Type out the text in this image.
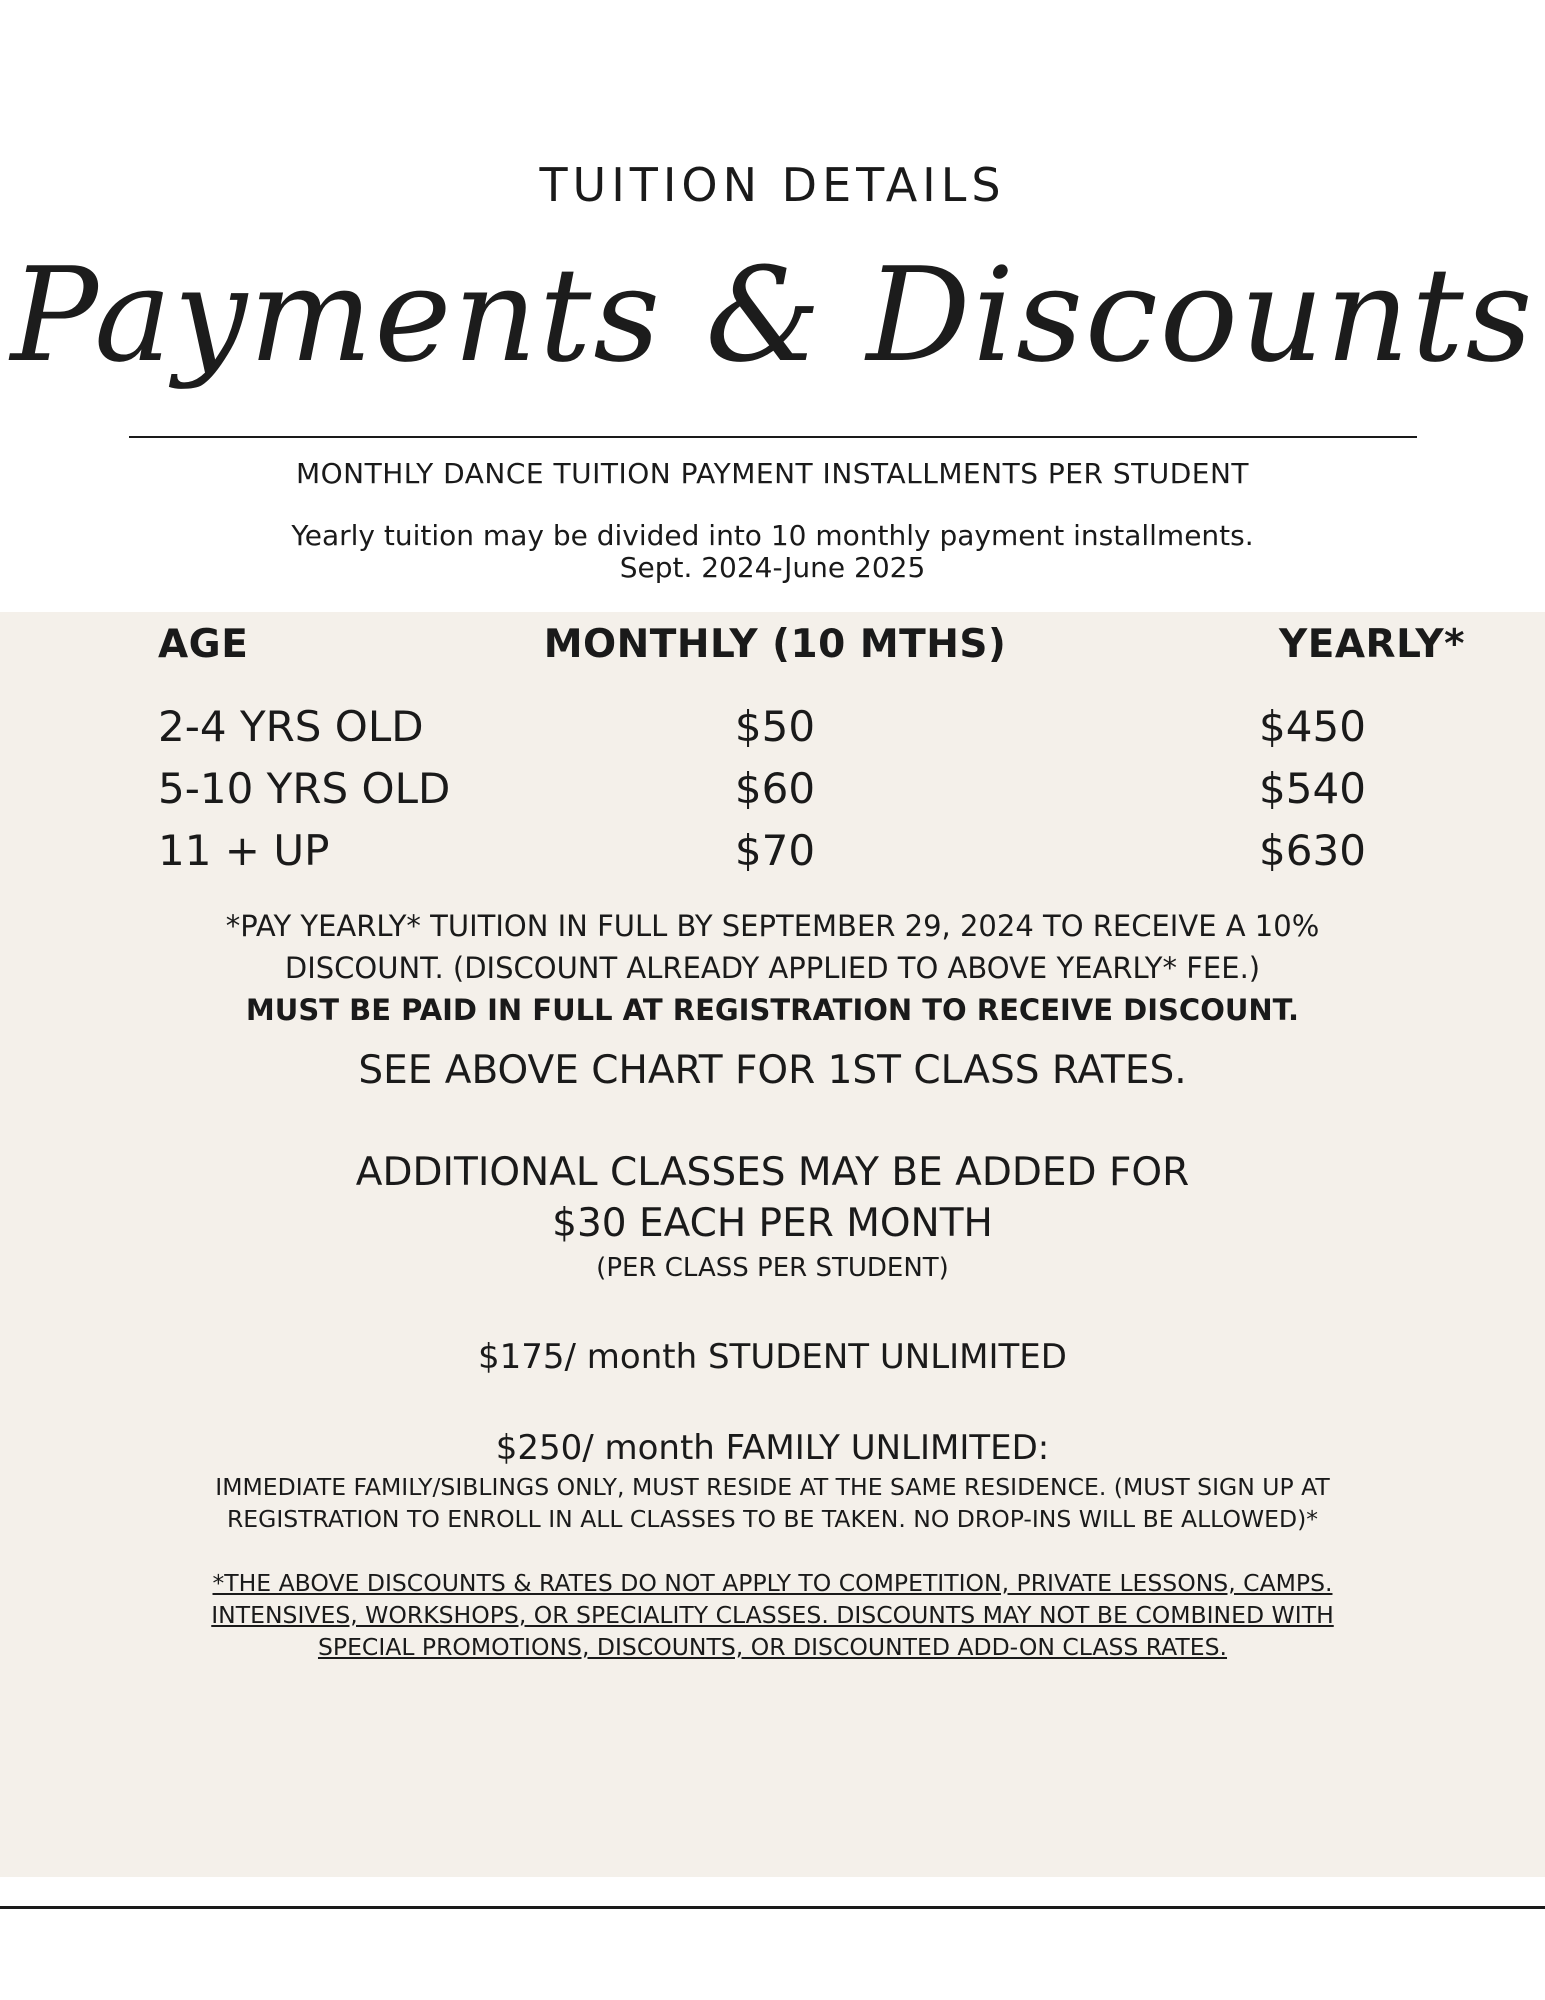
TUITION DETAILS
Payments & Discounts
MONTHLY DANCE TUITION PAYMENT INSTALLMENTS PER STUDENT
Yearly tuition may be divided into 10 monthly payment installments.
Sept. 2024-June 2025
AGE	MONTHLY (10 MTHS)	YEARLY*
2-4 YRS OLD	$50	$450
5-10 YRS OLD	$60	$540
11 + UP	$70	$630
*PAY YEARLY* TUITION IN FULL BY SEPTEMBER 29, 2024 TO RECEIVE A 10%
DISCOUNT. (DISCOUNT ALREADY APPLIED TO ABOVE YEARLY* FEE.)
MUST BE PAID IN FULL AT REGISTRATION TO RECEIVE DISCOUNT.
SEE ABOVE CHART FOR 1ST CLASS RATES.
ADDITIONAL CLASSES MAY BE ADDED FOR
$30 EACH PER MONTH
(PER CLASS PER STUDENT)
$175/ month STUDENT UNLIMITED
$250/ month FAMILY UNLIMITED:
IMMEDIATE FAMILY/SIBLINGS ONLY, MUST RESIDE AT THE SAME RESIDENCE. (MUST SIGN UP AT
REGISTRATION TO ENROLL IN ALL CLASSES TO BE TAKEN. NO DROP-INS WILL BE ALLOWED)*
*THE ABOVE DISCOUNTS & RATES DO NOT APPLY TO COMPETITION, PRIVATE LESSONS, CAMPS.
INTENSIVES, WORKSHOPS, OR SPECIALITY CLASSES. DISCOUNTS MAY NOT BE COMBINED WITH
SPECIAL PROMOTIONS, DISCOUNTS, OR DISCOUNTED ADD-ON CLASS RATES.
